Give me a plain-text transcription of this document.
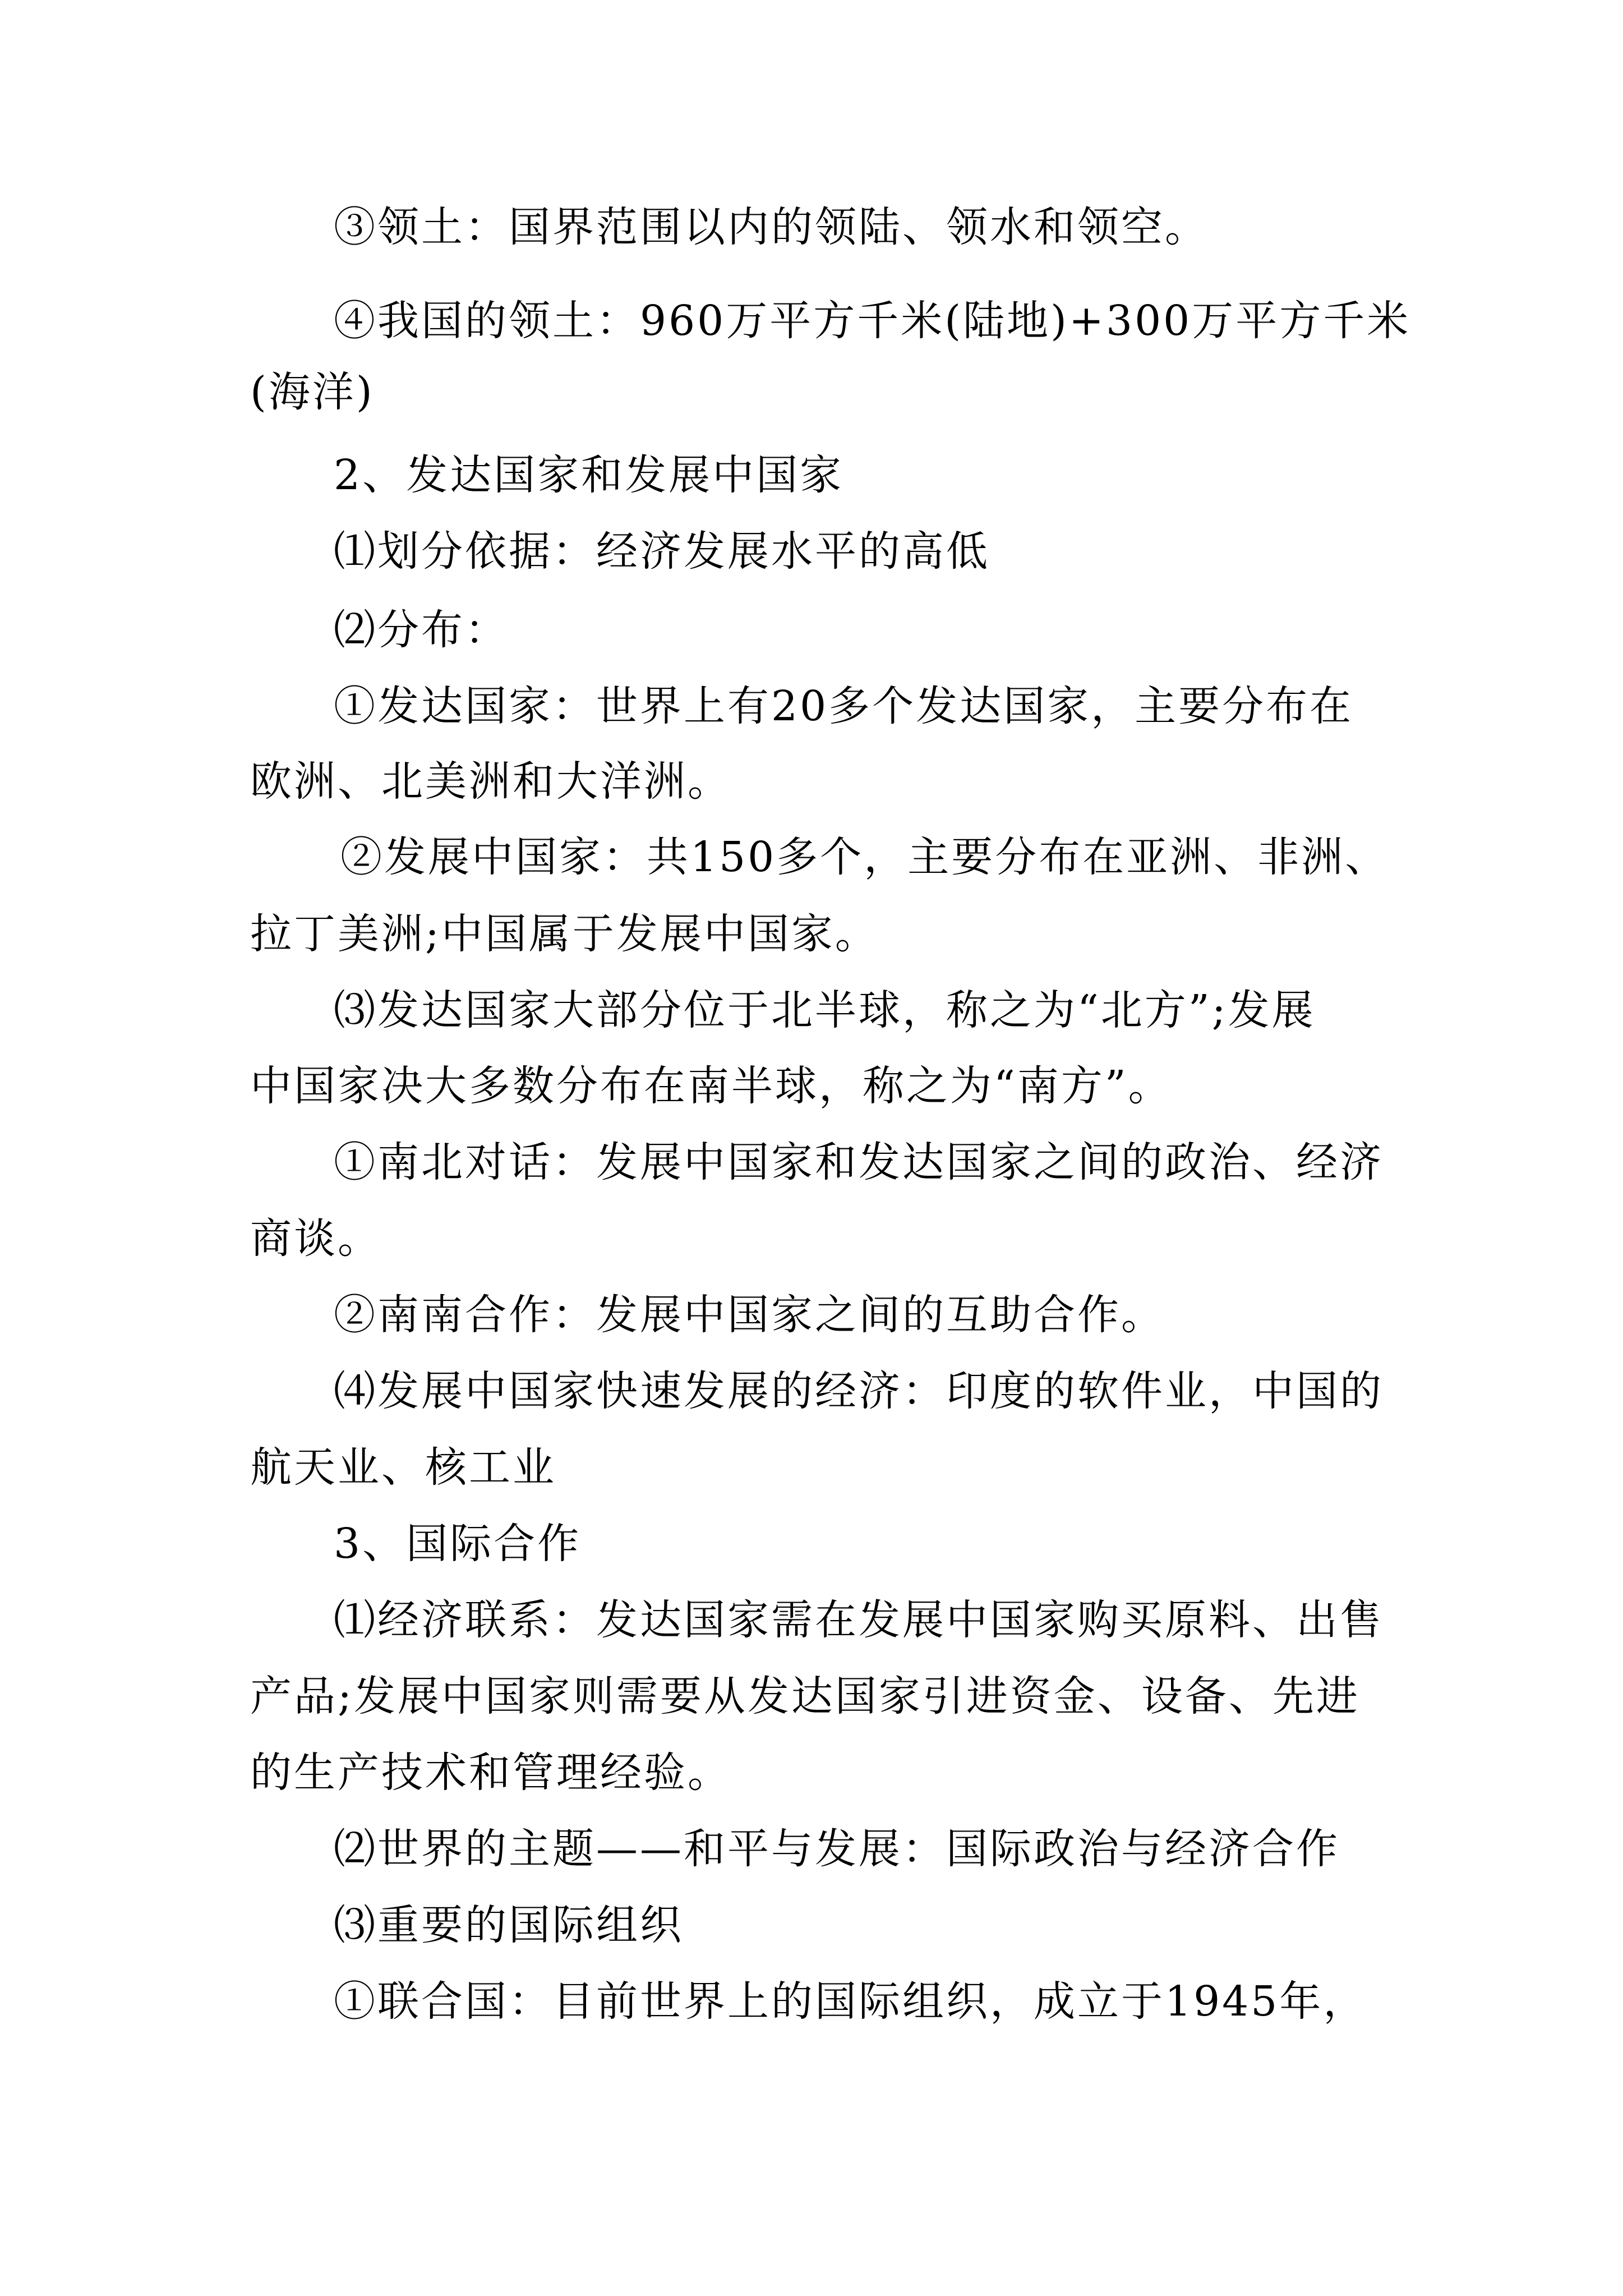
③领土：国界范围以内的领陆、领水和领空。
④我国的领土：960万平方千米(陆地)+300万平方千米
(海洋)
2、发达国家和发展中国家
⑴划分依据：经济发展水平的高低
⑵分布：
①发达国家：世界上有20多个发达国家，主要分布在
欧洲、北美洲和大洋洲。
②发展中国家：共150多个，主要分布在亚洲、非洲、
拉丁美洲;中国属于发展中国家。
⑶发达国家大部分位于北半球，称之为“北方”;发展
中国家决大多数分布在南半球，称之为“南方”。
①南北对话：发展中国家和发达国家之间的政治、经济
商谈。
②南南合作：发展中国家之间的互助合作。
⑷发展中国家快速发展的经济：印度的软件业，中国的
航天业、核工业
3、国际合作
⑴经济联系：发达国家需在发展中国家购买原料、出售
产品;发展中国家则需要从发达国家引进资金、设备、先进
的生产技术和管理经验。
⑵世界的主题——和平与发展：国际政治与经济合作
⑶重要的国际组织
①联合国：目前世界上的国际组织，成立于1945年，
